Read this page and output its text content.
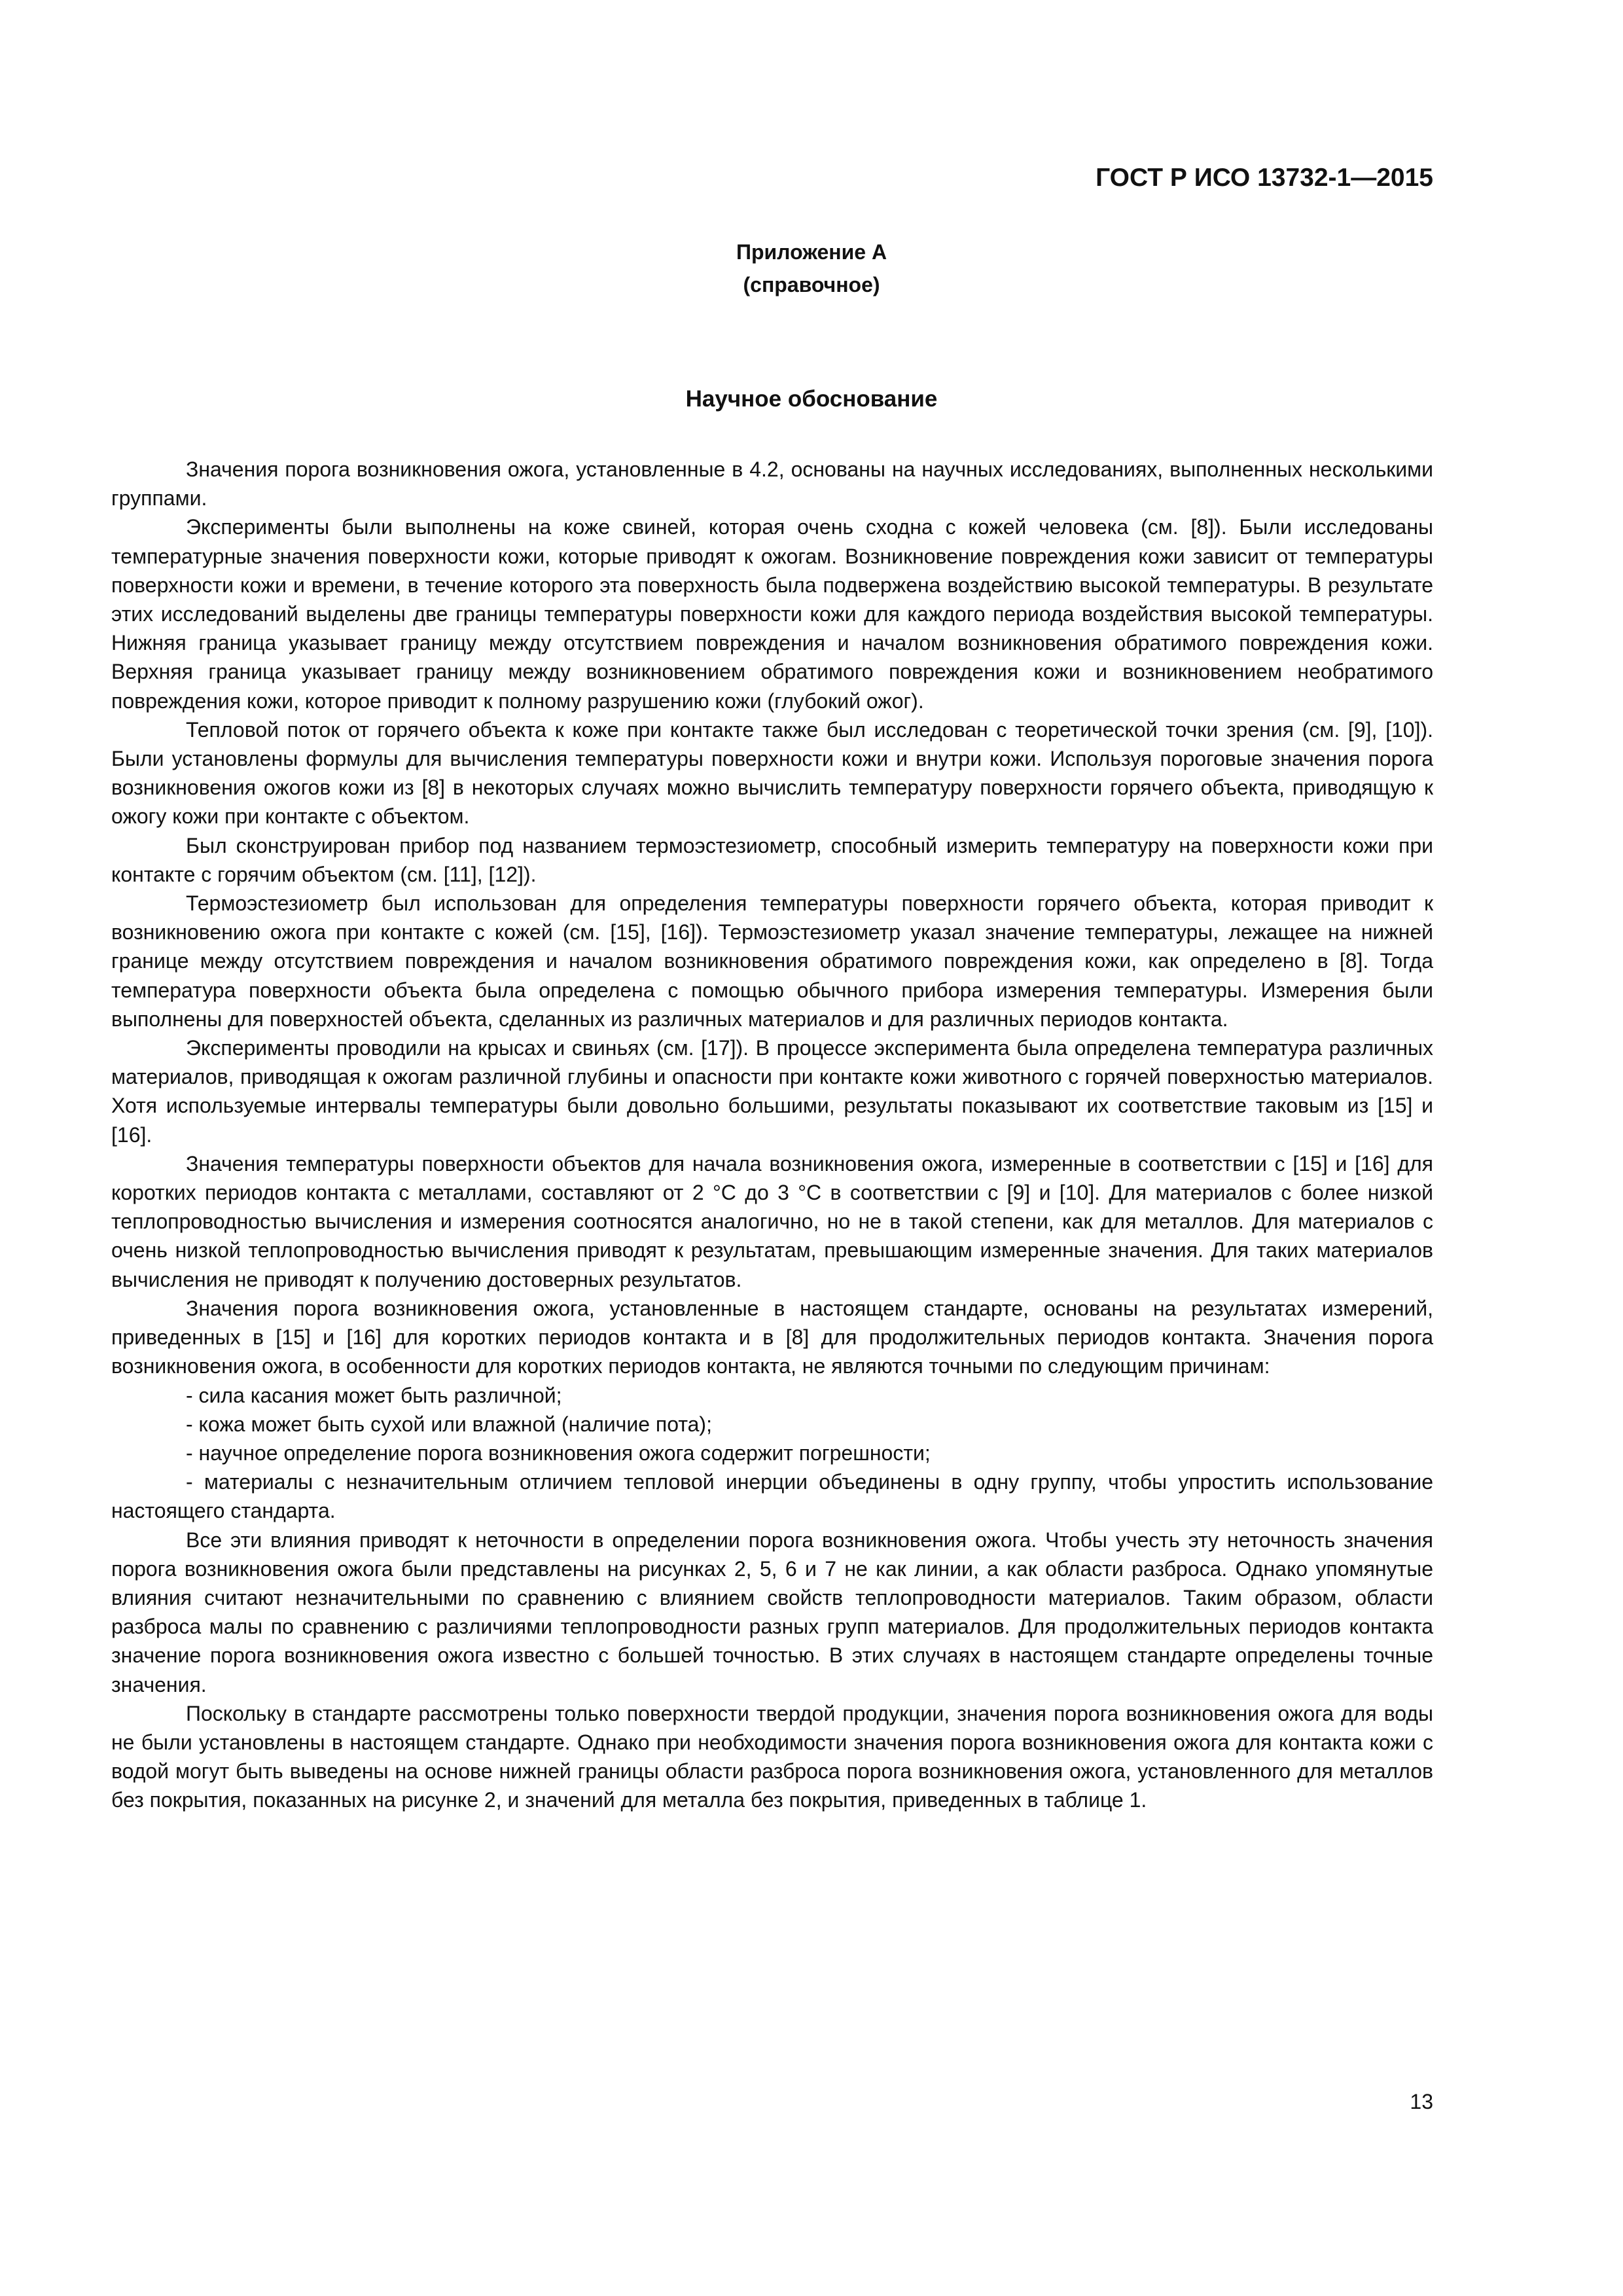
ГОСТ Р ИСО 13732-1—2015
Приложение А
(справочное)
Научное обоснование

Значения порога возникновения ожога, установленные в 4.2, основаны на научных исследованиях, выполненных несколькими группами.

Эксперименты были выполнены на коже свиней, которая очень сходна с кожей человека (см. [8]). Были исследованы температурные значения поверхности кожи, которые приводят к ожогам. Возникновение повреждения кожи зависит от температуры поверхности кожи и времени, в течение которого эта поверхность была подвержена воздействию высокой температуры. В результате этих исследований выделены две границы температуры поверхности кожи для каждого периода воздействия высокой температуры. Нижняя граница указывает границу между отсутствием повреждения и началом возникновения обратимого повреждения кожи. Верхняя граница указывает границу между возникновением обратимого повреждения кожи и возникновением необратимого повреждения кожи, которое приводит к полному разрушению кожи (глубокий ожог).

Тепловой поток от горячего объекта к коже при контакте также был исследован с теоретической точки зрения (см. [9], [10]). Были установлены формулы для вычисления температуры поверхности кожи и внутри кожи. Используя пороговые значения порога возникновения ожогов кожи из [8] в некоторых случаях можно вычислить температуру поверхности горячего объекта, приводящую к ожогу кожи при контакте с объектом.

Был сконструирован прибор под названием термоэстезиометр, способный измерить температуру на поверхности кожи при контакте с горячим объектом (см. [11], [12]).

Термоэстезиометр был использован для определения температуры поверхности горячего объекта, которая приводит к возникновению ожога при контакте с кожей (см. [15], [16]). Термоэстезиометр указал значение температуры, лежащее на нижней границе между отсутствием повреждения и началом возникновения обратимого повреждения кожи, как определено в [8]. Тогда температура поверхности объекта была определена с помощью обычного прибора измерения температуры. Измерения были выполнены для поверхностей объекта, сделанных из различных материалов и для различных периодов контакта.

Эксперименты проводили на крысах и свиньях (см. [17]). В процессе эксперимента была определена температура различных материалов, приводящая к ожогам различной глубины и опасности при контакте кожи животного с горячей поверхностью материалов. Хотя используемые интервалы температуры были довольно большими, результаты показывают их соответствие таковым из [15] и [16].

Значения температуры поверхности объектов для начала возникновения ожога, измеренные в соответствии с [15] и [16] для коротких периодов контакта с металлами, составляют от 2 °С до 3 °С в соответствии с [9] и [10]. Для материалов с более низкой теплопроводностью вычисления и измерения соотносятся аналогично, но не в такой степени, как для металлов. Для материалов с очень низкой теплопроводностью вычисления приводят к результатам, превышающим измеренные значения. Для таких материалов вычисления не приводят к получению достоверных результатов.

Значения порога возникновения ожога, установленные в настоящем стандарте, основаны на результатах измерений, приведенных в [15] и [16] для коротких периодов контакта и в [8] для продолжительных периодов контакта. Значения порога возникновения ожога, в особенности для коротких периодов контакта, не являются точными по следующим причинам:

- сила касания может быть различной;

- кожа может быть сухой или влажной (наличие пота);

- научное определение порога возникновения ожога содержит погрешности;

- материалы с незначительным отличием тепловой инерции объединены в одну группу, чтобы упростить использование настоящего стандарта.

Все эти влияния приводят к неточности в определении порога возникновения ожога. Чтобы учесть эту неточность значения порога возникновения ожога были представлены на рисунках 2, 5, 6 и 7 не как линии, а как области разброса. Однако упомянутые влияния считают незначительными по сравнению с влиянием свойств теплопроводности материалов. Таким образом, области разброса малы по сравнению с различиями теплопроводности разных групп материалов. Для продолжительных периодов контакта значение порога возникновения ожога известно с большей точностью. В этих случаях в настоящем стандарте определены точные значения.

Поскольку в стандарте рассмотрены только поверхности твердой продукции, значения порога возникновения ожога для воды не были установлены в настоящем стандарте. Однако при необходимости значения порога возникновения ожога для контакта кожи с водой могут быть выведены на основе нижней границы области разброса порога возникновения ожога, установленного для металлов без покрытия, показанных на рисунке 2, и значений для металла без покрытия, приведенных в таблице 1.

13
